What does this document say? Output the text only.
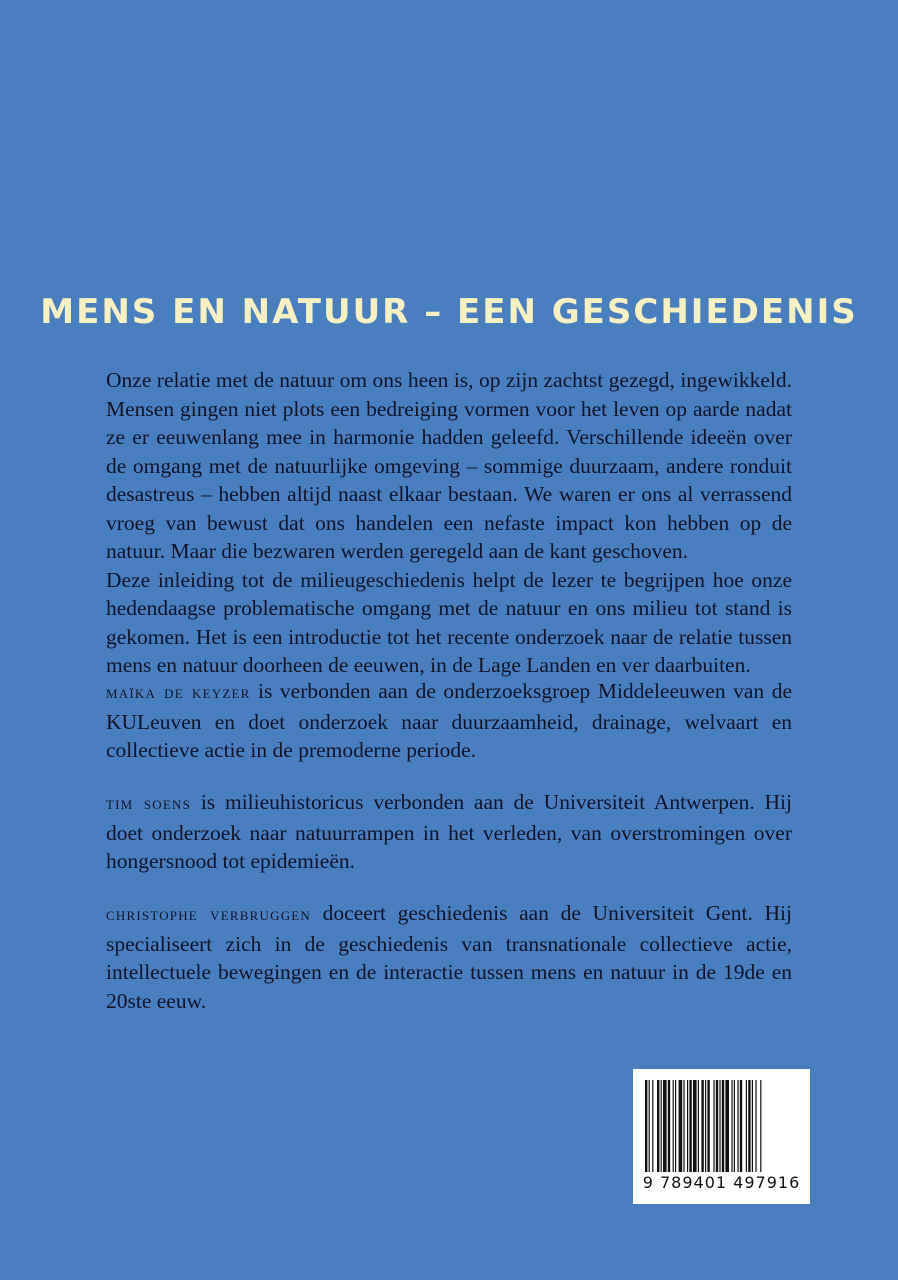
MENS EN NATUUR – EEN GESCHIEDENIS

Onze relatie met de natuur om ons heen is, op zijn zachtst gezegd, ingewikkeld. Mensen gingen niet plots een bedreiging vormen voor het leven op aarde nadat ze er eeuwenlang mee in harmonie hadden geleefd. Verschillende ideeën over de omgang met de natuurlijke omgeving – sommige duurzaam, andere ronduit desastreus – hebben altijd naast elkaar bestaan. We waren er ons al verrassend vroeg van bewust dat ons handelen een nefaste impact kon hebben op de natuur. Maar die bezwaren werden geregeld aan de kant geschoven.

Deze inleiding tot de milieugeschiedenis helpt de lezer te begrijpen hoe onze hedendaagse problematische omgang met de natuur en ons milieu tot stand is gekomen. Het is een introductie tot het recente onderzoek naar de relatie tussen mens en natuur doorheen de eeuwen, in de Lage Landen en ver daarbuiten.

maïka de keyzer is verbonden aan de onderzoeksgroep Middeleeuwen van de KULeuven en doet onderzoek naar duurzaamheid, drainage, welvaart en collectieve actie in de premoderne periode.

tim soens is milieuhistoricus verbonden aan de Universiteit Antwerpen. Hij doet onderzoek naar natuurrampen in het verleden, van overstromingen over hongersnood tot epidemieën.

christophe verbruggen doceert geschiedenis aan de Universiteit Gent. Hij specialiseert zich in de geschiedenis van transnationale collectieve actie, intellectuele bewegingen en de interactie tussen mens en natuur in de 19de en 20ste eeuw.

9 789401 497916
